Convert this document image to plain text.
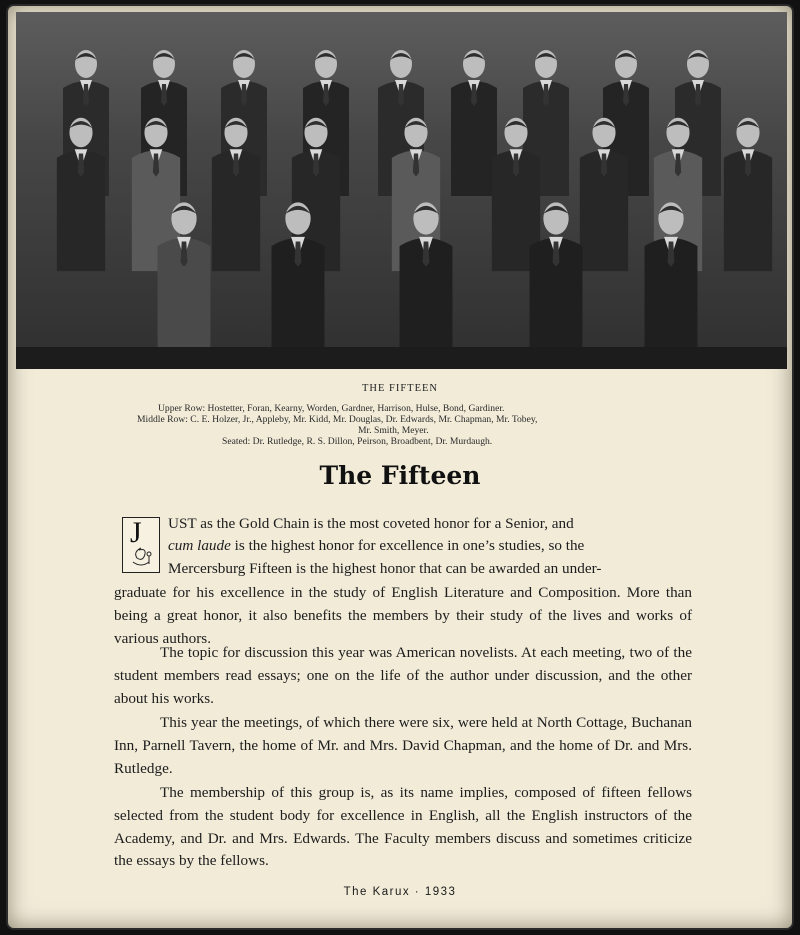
THE FIFTEEN
Upper Row: Hostetter, Foran, Kearny, Worden, Gardner, Harrison, Hulse, Bond, Gardiner.
Middle Row: C. E. Holzer, Jr., Appleby, Mr. Kidd, Mr. Douglas, Dr. Edwards, Mr. Chapman, Mr. Tobey,
Mr. Smith, Meyer.
Seated: Dr. Rutledge, R. S. Dillon, Peirson, Broadbent, Dr. Murdaugh.
The Fifteen
J UST as the Gold Chain is the most coveted honor for a Senior, and
cum laude is the highest honor for excellence in one’s studies, so the
Mercersburg Fifteen is the highest honor that can be awarded an under-
graduate for his excellence in the study of English Literature and Composition. More than being a great honor, it also benefits the members by their study of the lives and works of various authors.
The topic for discussion this year was American novelists. At each meeting, two of the student members read essays; one on the life of the author under discussion, and the other about his works.
This year the meetings, of which there were six, were held at North Cottage, Buchanan Inn, Parnell Tavern, the home of Mr. and Mrs. David Chapman, and the home of Dr. and Mrs. Rutledge.
The membership of this group is, as its name implies, composed of fifteen fellows selected from the student body for excellence in English, all the English instructors of the Academy, and Dr. and Mrs. Edwards. The Faculty members discuss and sometimes criticize the essays by the fellows.
The Karux · 1933
